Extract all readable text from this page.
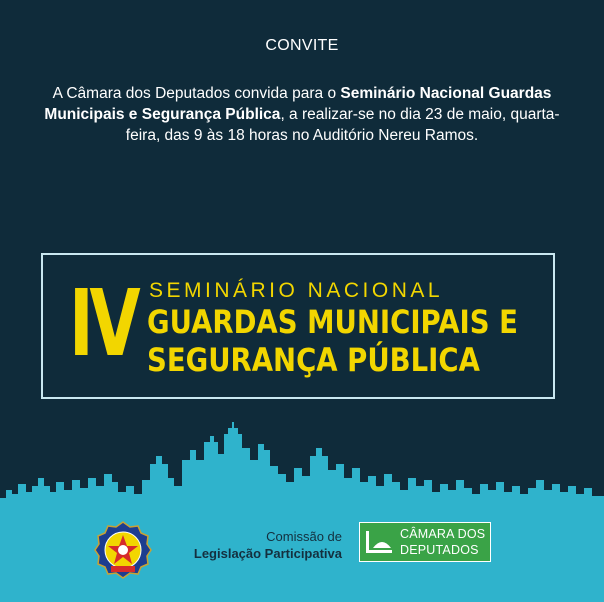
CONVITE
A Câmara dos Deputados convida para o Seminário Nacional Guardas Municipais e Segurança Pública, a realizar-se no dia 23 de maio, quarta-feira, das 9 às 18 horas no Auditório Nereu Ramos.
IV SEMINÁRIO NACIONAL
GUARDAS MUNICIPAIS E
SEGURANÇA PÚBLICA
Comissão de
Legislação Participativa
CÂMARA DOS
DEPUTADOS
